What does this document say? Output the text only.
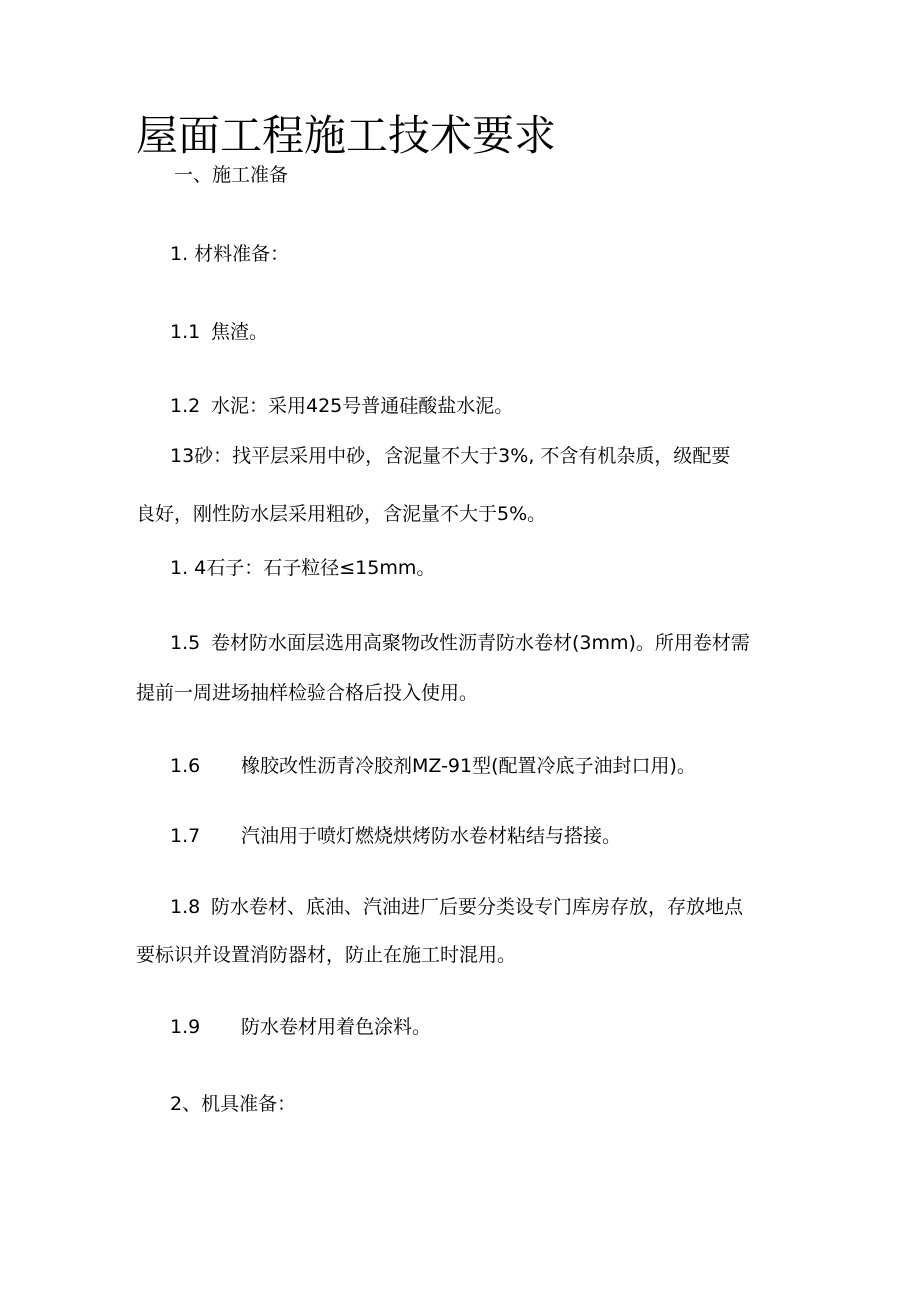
屋面工程施工技术要求

一、施工准备

1. 材料准备：

1.1 焦渣。

1.2 水泥：采用425号普通硅酸盐水泥。

13砂：找平层采用中砂，含泥量不大于3%, 不含有机杂质，级配要

良好，刚性防水层采用粗砂，含泥量不大于5%。

1. 4石子：石子粒径≤15mm。

1.5 卷材防水面层选用高聚物改性沥青防水卷材(3mm)。所用卷材需

提前一周进场抽样检验合格后投入使用。

1.6 橡胶改性沥青冷胶剂MZ-91型(配置冷底子油封口用)。

1.7 汽油用于喷灯燃烧烘烤防水卷材粘结与搭接。

1.8 防水卷材、底油、汽油进厂后要分类设专门库房存放，存放地点

要标识并设置消防器材，防止在施工时混用。

1.9 防水卷材用着色涂料。

2、机具准备：
